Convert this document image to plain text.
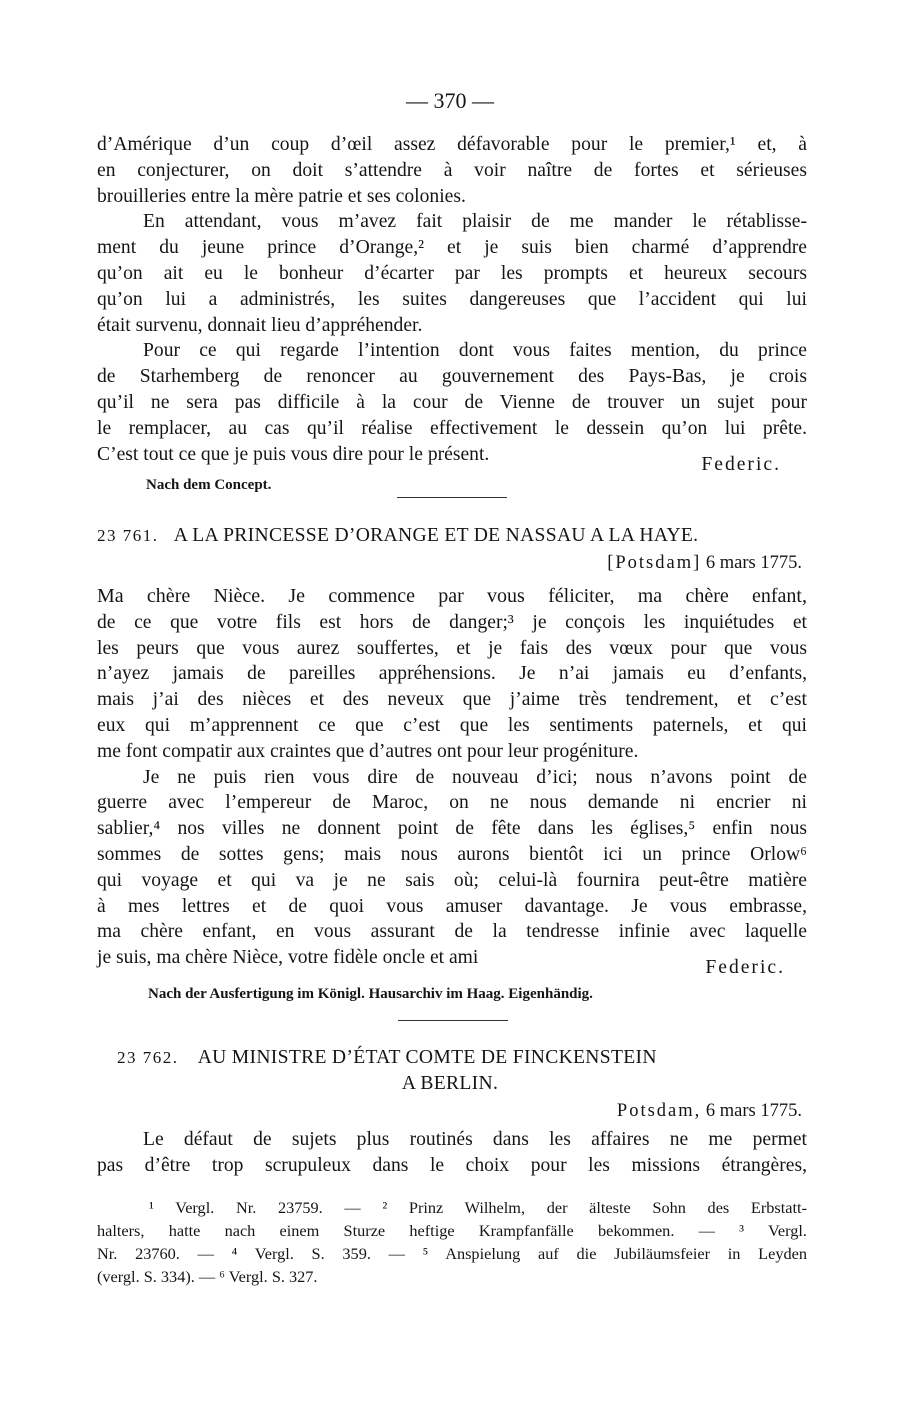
— 370 —
d’Amérique d’un coup d’œil assez défavorable pour le premier,¹ et, à
en conjecturer, on doit s’attendre à voir naître de fortes et sérieuses
brouilleries entre la mère patrie et ses colonies.
En attendant, vous m’avez fait plaisir de me mander le rétablisse-
ment du jeune prince d’Orange,² et je suis bien charmé d’apprendre
qu’on ait eu le bonheur d’écarter par les prompts et heureux secours
qu’on lui a administrés, les suites dangereuses que l’accident qui lui
était survenu, donnait lieu d’appréhender.
Pour ce qui regarde l’intention dont vous faites mention, du prince
de Starhemberg de renoncer au gouvernement des Pays-Bas, je crois
qu’il ne sera pas difficile à la cour de Vienne de trouver un sujet pour
le remplacer, au cas qu’il réalise effectivement le dessein qu’on lui prête.
C’est tout ce que je puis vous dire pour le présent.	Federic.
Nach dem Concept.
23 761. A LA PRINCESSE D’ORANGE ET DE NASSAU A LA HAYE.
[Potsdam] 6 mars 1775.
Ma chère Nièce. Je commence par vous féliciter, ma chère enfant,
de ce que votre fils est hors de danger;³ je conçois les inquiétudes et
les peurs que vous aurez souffertes, et je fais des vœux pour que vous
n’ayez jamais de pareilles appréhensions. Je n’ai jamais eu d’enfants,
mais j’ai des nièces et des neveux que j’aime très tendrement, et c’est
eux qui m’apprennent ce que c’est que les sentiments paternels, et qui
me font compatir aux craintes que d’autres ont pour leur progéniture.
Je ne puis rien vous dire de nouveau d’ici; nous n’avons point de
guerre avec l’empereur de Maroc, on ne nous demande ni encrier ni
sablier,⁴ nos villes ne donnent point de fête dans les églises,⁵ enfin nous
sommes de sottes gens; mais nous aurons bientôt ici un prince Orlow⁶
qui voyage et qui va je ne sais où; celui-là fournira peut-être matière
à mes lettres et de quoi vous amuser davantage. Je vous embrasse,
ma chère enfant, en vous assurant de la tendresse infinie avec laquelle
je suis, ma chère Nièce, votre fidèle oncle et ami	Federic.
Nach der Ausfertigung im Königl. Hausarchiv im Haag. Eigenhändig.
23 762. AU MINISTRE D’ÉTAT COMTE DE FINCKENSTEIN
A BERLIN.
Potsdam, 6 mars 1775.
Le défaut de sujets plus routinés dans les affaires ne me permet
pas d’être trop scrupuleux dans le choix pour les missions étrangères,
¹ Vergl. Nr. 23759. — ² Prinz Wilhelm, der älteste Sohn des Erbstatt-
halters, hatte nach einem Sturze heftige Krampfanfälle bekommen. — ³ Vergl.
Nr. 23760. — ⁴ Vergl. S. 359. — ⁵ Anspielung auf die Jubiläumsfeier in Leyden
(vergl. S. 334). — ⁶ Vergl. S. 327.
